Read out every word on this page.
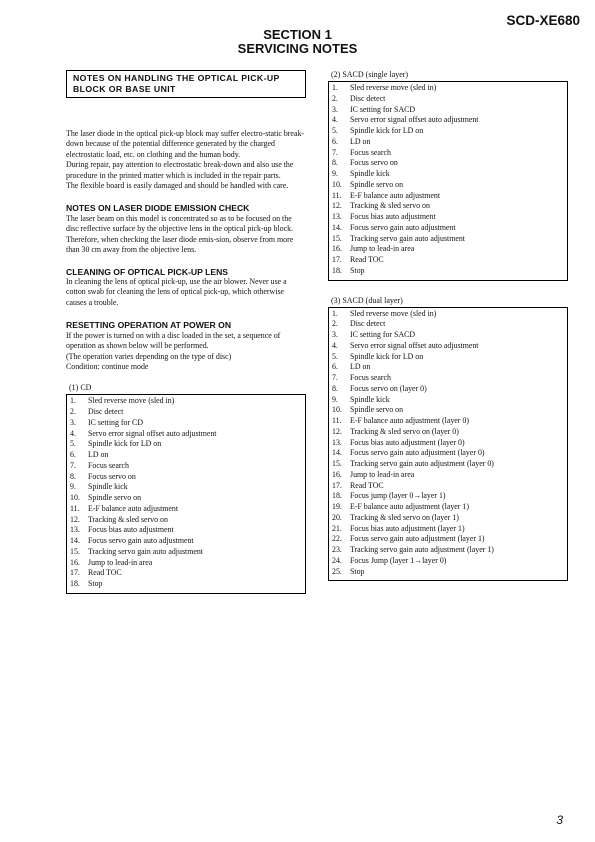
SCD-XE680
SECTION 1
SERVICING NOTES
NOTES ON HANDLING THE OPTICAL PICK-UP BLOCK OR BASE UNIT

The laser diode in the optical pick-up block may suffer electro-static break-down because of the potential difference generated by the charged electrostatic load, etc. on clothing and the human body.

During repair, pay attention to electrostatic break-down and also use the procedure in the printed matter which is included in the repair parts.

The flexible board is easily damaged and should be handled with care.

NOTES ON LASER DIODE EMISSION CHECK

The laser beam on this model is concentrated so as to be focused on the disc reflective surface by the objective lens in the optical pick-up block. Therefore, when checking the laser diode emis-sion, observe from more than 30 cm away from the objective lens.

CLEANING OF OPTICAL PICK-UP LENS

In cleaning the lens of optical pick-up, use the air blower. Never use a cotton swab for cleaning the lens of optical pick-up, which otherwise causes a trouble.

RESETTING OPERATION AT POWER ON

If the power is turned on with a disc loaded in the set, a sequence of operation as shown below will be performed.

(The operation varies depending on the type of disc)

Condition: continue mode

(1) CD

1.	Sled reverse move (sled in)
2.	Disc detect
3.	IC setting for CD
4.	Servo error signal offset auto adjustment
5.	Spindle kick for LD on
6.	LD on
7.	Focus search
8.	Focus servo on
9.	Spindle kick
10.	Spindle servo on
11.	E-F balance auto adjustment
12.	Tracking & sled servo on
13.	Focus bias auto adjustment
14.	Focus servo gain auto adjustment
15.	Tracking servo gain auto adjustment
16.	Jump to lead-in area
17.	Read TOC
18.	Stop

(2) SACD (single layer)

1.	Sled reverse move (sled in)
2.	Disc detect
3.	IC setting for SACD
4.	Servo error signal offset auto adjustment
5.	Spindle kick for LD on
6.	LD on
7.	Focus search
8.	Focus servo on
9.	Spindle kick
10.	Spindle servo on
11.	E-F balance auto adjustment
12.	Tracking & sled servo on
13.	Focus bias auto adjustment
14.	Focus servo gain auto adjustment
15.	Tracking servo gain auto adjustment
16.	Jump to lead-in area
17.	Read TOC
18.	Stop

(3) SACD (dual layer)

1.	Sled reverse move (sled in)
2.	Disc detect
3.	IC setting for SACD
4.	Servo error signal offset auto adjustment
5.	Spindle kick for LD on
6.	LD on
7.	Focus search
8.	Focus servo on (layer 0)
9.	Spindle kick
10.	Spindle servo on
11.	E-F balance auto adjustment (layer 0)
12.	Tracking & sled servo on (layer 0)
13.	Focus bias auto adjustment (layer 0)
14.	Focus servo gain auto adjustment (layer 0)
15.	Tracking servo gain auto adjustment (layer 0)
16.	Jump to lead-in area
17.	Read TOC
18.	Focus jump (layer 0→layer 1)
19.	E-F balance auto adjustment (layer 1)
20.	Tracking & sled servo on (layer 1)
21.	Focus bias auto adjustment (layer 1)
22.	Focus servo gain auto adjustment (layer 1)
23.	Tracking servo gain auto adjustment (layer 1)
24.	Focus Jump (layer 1→layer 0)
25.	Stop
3
